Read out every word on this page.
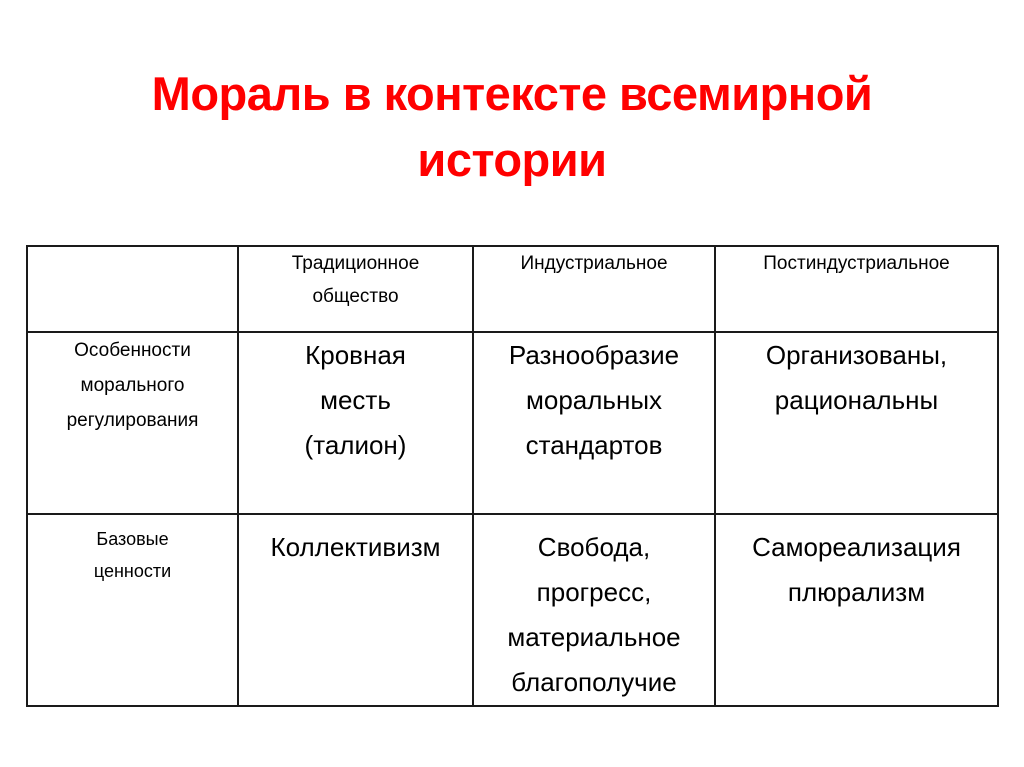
Мораль в контексте всемирной
истории

	Традиционное
общество	Индустриальное	Постиндустриальное

Особенности
морального
регулирования	Кровная
месть
(талион)	Разнообразие
моральных
стандартов	Организованы,
рациональны

Базовые
ценности	Коллективизм	Свобода,
прогресс,
материальное
благополучие	Самореализация
плюрализм
